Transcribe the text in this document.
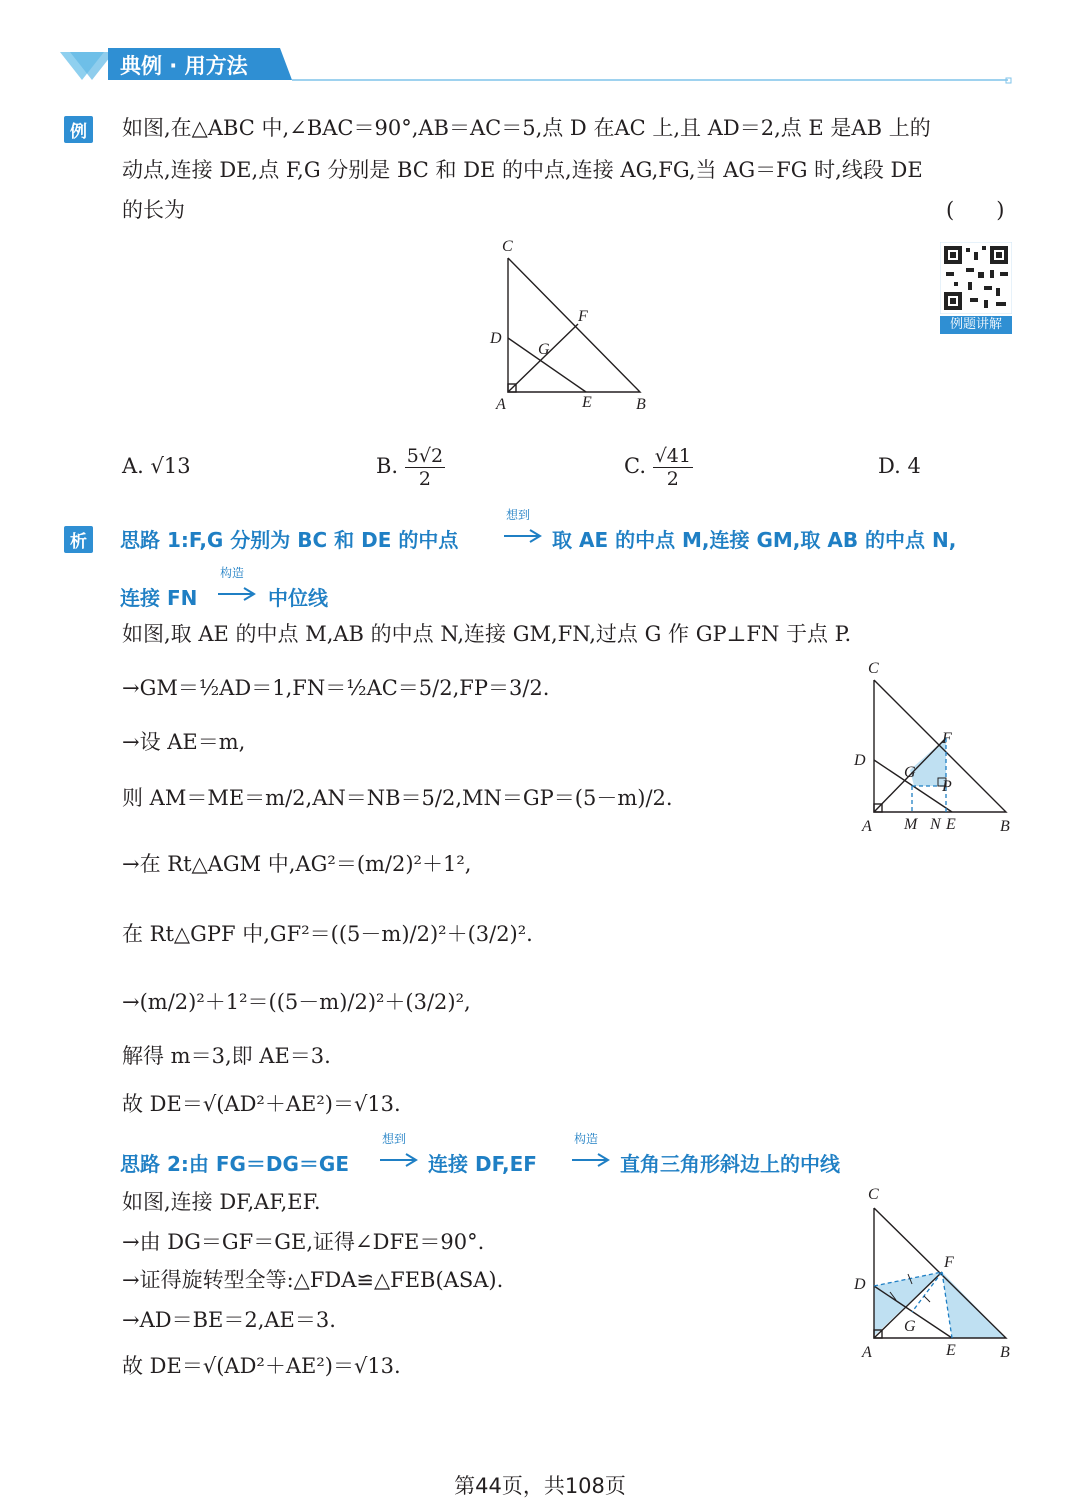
典例 · 用方法
例 如图,在△ABC 中,∠BAC＝90°,AB＝AC＝5,点 D 在AC 上,且 AD＝2,点 E 是AB 上的
动点,连接 DE,点 F,G 分别是 BC 和 DE 的中点,连接 AG,FG,当 AG＝FG 时,线段 DE
的长为	(　　)
例题讲解
C
F
D
G
A	E	B
A. √13	B. $\frac{5√2}{2}$	C. $\frac{√41}{2}$	D. 4
析	思路 1:F,G 分别为 BC 和 DE 的中点
想到
取 AE 的中点 M,连接 GM,取 AB 的中点 N,
连接 FN
构造
中位线
如图,取 AE 的中点 M,AB 的中点 N,连接 GM,FN,过点 G 作 GP⊥FN 于点 P.
→GM＝½AD＝1,FN＝½AC＝5/2,FP＝3/2.
→设 AE＝m,
则 AM＝ME＝m/2,AN＝NB＝5/2,MN＝GP＝(5－m)/2.
→在 Rt△AGM 中,AG²＝(m/2)²＋1²,
在 Rt△GPF 中,GF²＝((5－m)/2)²＋(3/2)².
→(m/2)²＋1²＝((5－m)/2)²＋(3/2)²,
解得 m＝3,即 AE＝3.
故 DE＝√(AD²＋AE²)＝√13.
C
F
D
G
P
A M N E	B
思路 2:由 FG＝DG＝GE
想到
连接 DF,EF
构造
直角三角形斜边上的中线
如图,连接 DF,AF,EF.
→由 DG＝GF＝GE,证得∠DFE＝90°.
→证得旋转型全等:△FDA≌△FEB(ASA).
→AD＝BE＝2,AE＝3.
故 DE＝√(AD²＋AE²)＝√13.
C
F
D
G
A	E	B
第44页，共108页
